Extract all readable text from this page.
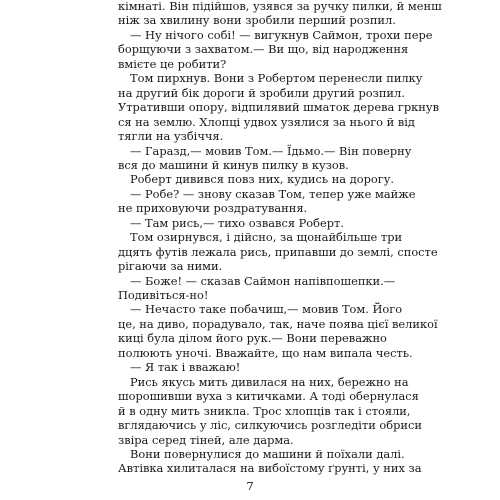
кімнаті. Він підійшов, узявся за ручку пилки, й менш
ніж за хвилину вони зробили перший розпил.
— Ну нічого собі! — вигукнув Саймон, трохи пере
борщуючи з захватом.— Ви що, від народження
вмієте це робити?
Том пирхнув. Вони з Робертом перенесли пилку
на другий бік дороги й зробили другий розпил.
Утративши опору, відпилявий шматок дерева гркнув
ся на землю. Хлопці удвох узялися за нього й від
тягли на узбіччя.
— Гаразд,— мовив Том.— Їдьмо.— Він поверну
вся до машини й кинув пилку в кузов.
Роберт дивився повз них, кудись на дорогу.
— Робе? — знову сказав Том, тепер уже майже
не приховуючи роздратування.
— Там рись,— тихо озвався Роберт.
Том озирнувся, і дійсно, за щонайбільше три
дцять футів лежала рись, припавши до землі, спосте
рігаючи за ними.
— Боже! — сказав Саймон напівпошепки.—
Подивіться-но!
— Нечасто таке побачиш,— мовив Том. Його
це, на диво, порадувало, так, наче поява цієї великої
киці була ділом його рук.— Вони переважно
полюють уночі. Вважайте, що нам випала честь.
— Я так і вважаю!
Рись якусь мить дивилася на них, бережно на
шорошивши вуха з китичками. А тоді обернулася
й в одну мить зникла. Трос хлопців так і стояли,
вглядаючись у ліс, силкуючись розгледіти обриси
звіра серед тіней, але дарма.
Вони повернулися до машини й поїхали далі.
Автівка хилиталася на вибоїстому ґрунті, у них за
7
